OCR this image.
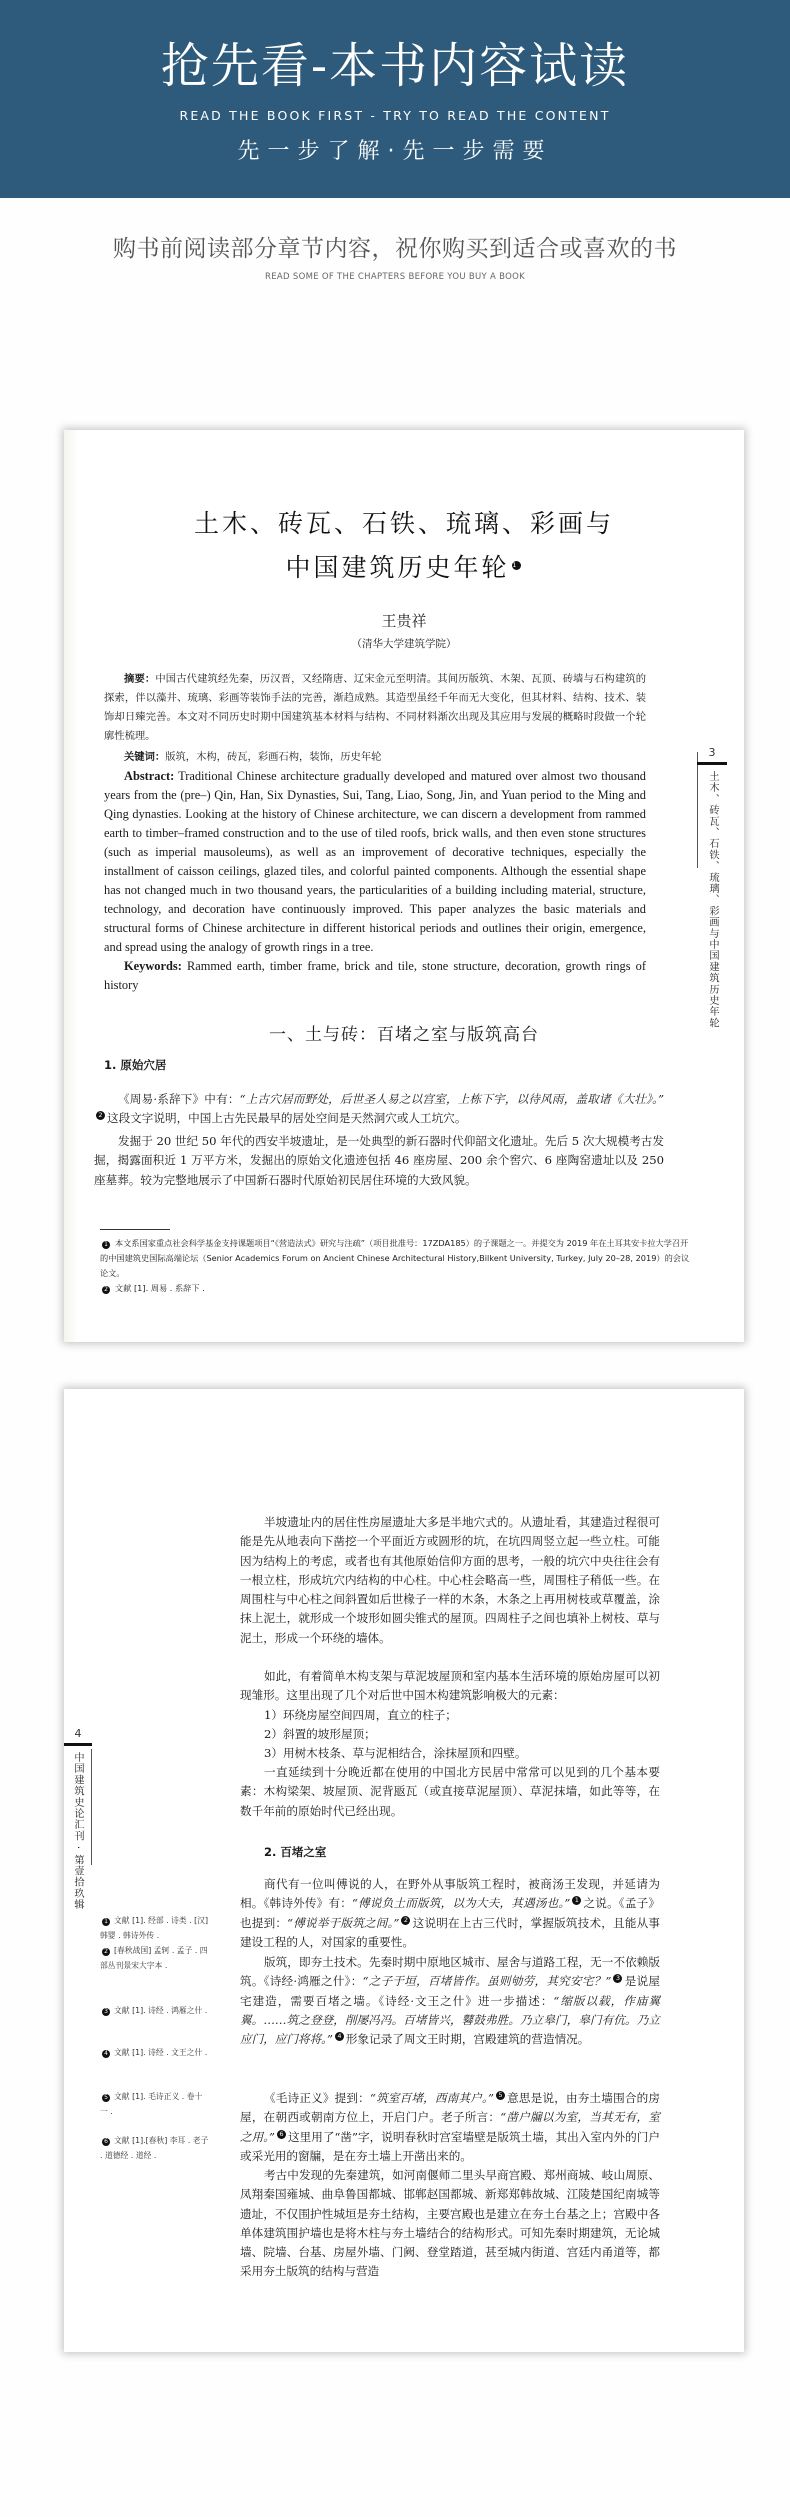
抢先看-本书内容试读
READ THE BOOK FIRST - TRY TO READ THE CONTENT
先一步了解·先一步需要
购书前阅读部分章节内容，祝你购买到适合或喜欢的书
READ SOME OF THE CHAPTERS BEFORE YOU BUY A BOOK
土木、砖瓦、石铁、琉璃、彩画与
中国建筑历史年轮 1
王贵祥
（清华大学建筑学院）
摘要：中国古代建筑经先秦，历汉晋，又经隋唐、辽宋金元至明清。其间历版筑、木架、瓦顶、砖墙与石构建筑的探索，伴以藻井、琉璃、彩画等装饰手法的完善，渐趋成熟。其造型虽经千年而无大变化，但其材料、结构、技术、装饰却日臻完善。本文对不同历史时期中国建筑基本材料与结构、不同材料渐次出现及其应用与发展的概略时段做一个轮廓性梳理。
关键词：版筑，木构，砖瓦，彩画石构，装饰，历史年轮
Abstract: Traditional Chinese architecture gradually developed and matured over almost two thousand years from the (pre–) Qin, Han, Six Dynasties, Sui, Tang, Liao, Song, Jin, and Yuan period to the Ming and Qing dynasties. Looking at the history of Chinese architecture, we can discern a development from rammed earth to timber–framed construction and to the use of tiled roofs, brick walls, and then even stone structures (such as imperial mausoleums), as well as an improvement of decorative techniques, especially the installment of caisson ceilings, glazed tiles, and colorful painted components. Although the essential shape has not changed much in two thousand years, the particularities of a building including material, structure, technology, and decoration have continuously improved. This paper analyzes the basic materials and structural forms of Chinese architecture in different historical periods and outlines their origin, emergence, and spread using the analogy of growth rings in a tree.
Keywords: Rammed earth, timber frame, brick and tile, stone structure, decoration, growth rings of history
一、土与砖：百堵之室与版筑高台
1. 原始穴居
《周易·系辞下》中有：“上古穴居而野处，后世圣人易之以宫室，上栋下宇，以待风雨，盖取诸《大壮》。”2 这段文字说明，中国上古先民最早的居处空间是天然洞穴或人工坑穴。
发掘于 20 世纪 50 年代的西安半坡遗址，是一处典型的新石器时代仰韶文化遗址。先后 5 次大规模考古发掘，揭露面积近 1 万平方米，发掘出的原始文化遗迹包括 46 座房屋、200 余个窖穴、6 座陶窑遗址以及 250 座墓葬。较为完整地展示了中国新石器时代原始初民居住环境的大致风貌。
1 本文系国家重点社会科学基金支持课题项目“《营造法式》研究与注疏”（项目批准号：17ZDA185）的子课题之一。并提交为 2019 年在土耳其安卡拉大学召开的中国建筑史国际高端论坛（Senior Academics Forum on Ancient Chinese Architectural History,Bilkent University, Turkey, July 20–28, 2019）的会议论文。
2 文献 [1]. 周易 . 系辞下 .
3
土木、砖瓦、石铁、琉璃、彩画与中国建筑历史年轮
半坡遗址内的居住性房屋遗址大多是半地穴式的。从遗址看，其建造过程很可能是先从地表向下凿挖一个平面近方或圆形的坑，在坑四周竖立起一些立柱。可能因为结构上的考虑，或者也有其他原始信仰方面的思考，一般的坑穴中央往往会有一根立柱，形成坑穴内结构的中心柱。中心柱会略高一些，周围柱子稍低一些。在周围柱与中心柱之间斜置如后世椽子一样的木条，木条之上再用树枝或草覆盖，涂抹上泥土，就形成一个坡形如圆尖锥式的屋顶。四周柱子之间也填补上树枝、草与泥土，形成一个环绕的墙体。
如此，有着简单木构支架与草泥坡屋顶和室内基本生活环境的原始房屋可以初现雏形。这里出现了几个对后世中国木构建筑影响极大的元素：
1）环绕房屋空间四周，直立的柱子；
2）斜置的坡形屋顶；
3）用树木枝条、草与泥相结合，涂抹屋顶和四壁。
一直延续到十分晚近都在使用的中国北方民居中常常可以见到的几个基本要素：木构梁架、坡屋顶、泥背瓪瓦（或直接草泥屋顶）、草泥抹墙，如此等等，在数千年前的原始时代已经出现。
2. 百堵之室
商代有一位叫傅说的人，在野外从事版筑工程时，被商汤王发现，并延请为相。《韩诗外传》有：“傅说负土而版筑，以为大夫，其遇汤也。” 1 之说。《孟子》也提到：“傅说举于版筑之间。” 2 这说明在上古三代时，掌握版筑技术，且能从事建设工程的人，对国家的重要性。
版筑，即夯土技术。先秦时期中原地区城市、屋舍与道路工程，无一不依赖版筑。《诗经·鸿雁之什》：“之子于垣，百堵皆作。虽则劬劳，其究安宅？” 3 是说屋宅建造，需要百堵之墙。《诗经·文王之什》进一步描述：“缩版以载，作庙翼翼。……筑之登登，削屡冯冯。百堵皆兴，鼛鼓弗胜。乃立皋门，皋门有伉。乃立应门，应门将将。” 4 形象记录了周文王时期，宫殿建筑的营造情况。
《毛诗正义》提到：“筑室百堵，西南其户。” 5 意思是说，由夯土墙围合的房屋，在朝西或朝南方位上，开启门户。老子所言：“凿户牖以为室，当其无有，室之用。” 6 这里用了“凿”字，说明春秋时宫室墙壁是版筑土墙，其出入室内外的门户或采光用的窗牖，是在夯土墙上开凿出来的。
考古中发现的先秦建筑，如河南偃师二里头早商宫殿、郑州商城、岐山周原、凤翔秦国雍城、曲阜鲁国都城、邯郸赵国都城、新郑郑韩故城、江陵楚国纪南城等遗址，不仅围护性城垣是夯土结构，主要宫殿也是建立在夯土台基之上；宫殿中各单体建筑围护墙也是将木柱与夯土墙结合的结构形式。可知先秦时期建筑，无论城墙、院墙、台基、房屋外墙、门阙、登堂踏道，甚至城内街道、宫廷内甬道等，都采用夯土版筑的结构与营造
1 文献 [1]. 经部 . 诗类 . [汉] 韩婴 . 韩诗外传 .
2 [春秋战国] 孟轲 . 孟子 . 四部丛刊景宋大字本 .
3 文献 [1]. 诗经 . 鸿雁之什 .
4 文献 [1]. 诗经 . 文王之什 .
5 文献 [1]. 毛诗正义 . 卷十一 .
6 文献 [1].[春秋] 李耳 . 老子 . 道德经 . 道经 .
4
中国建筑史论汇刊 · 第壹拾玖辑
